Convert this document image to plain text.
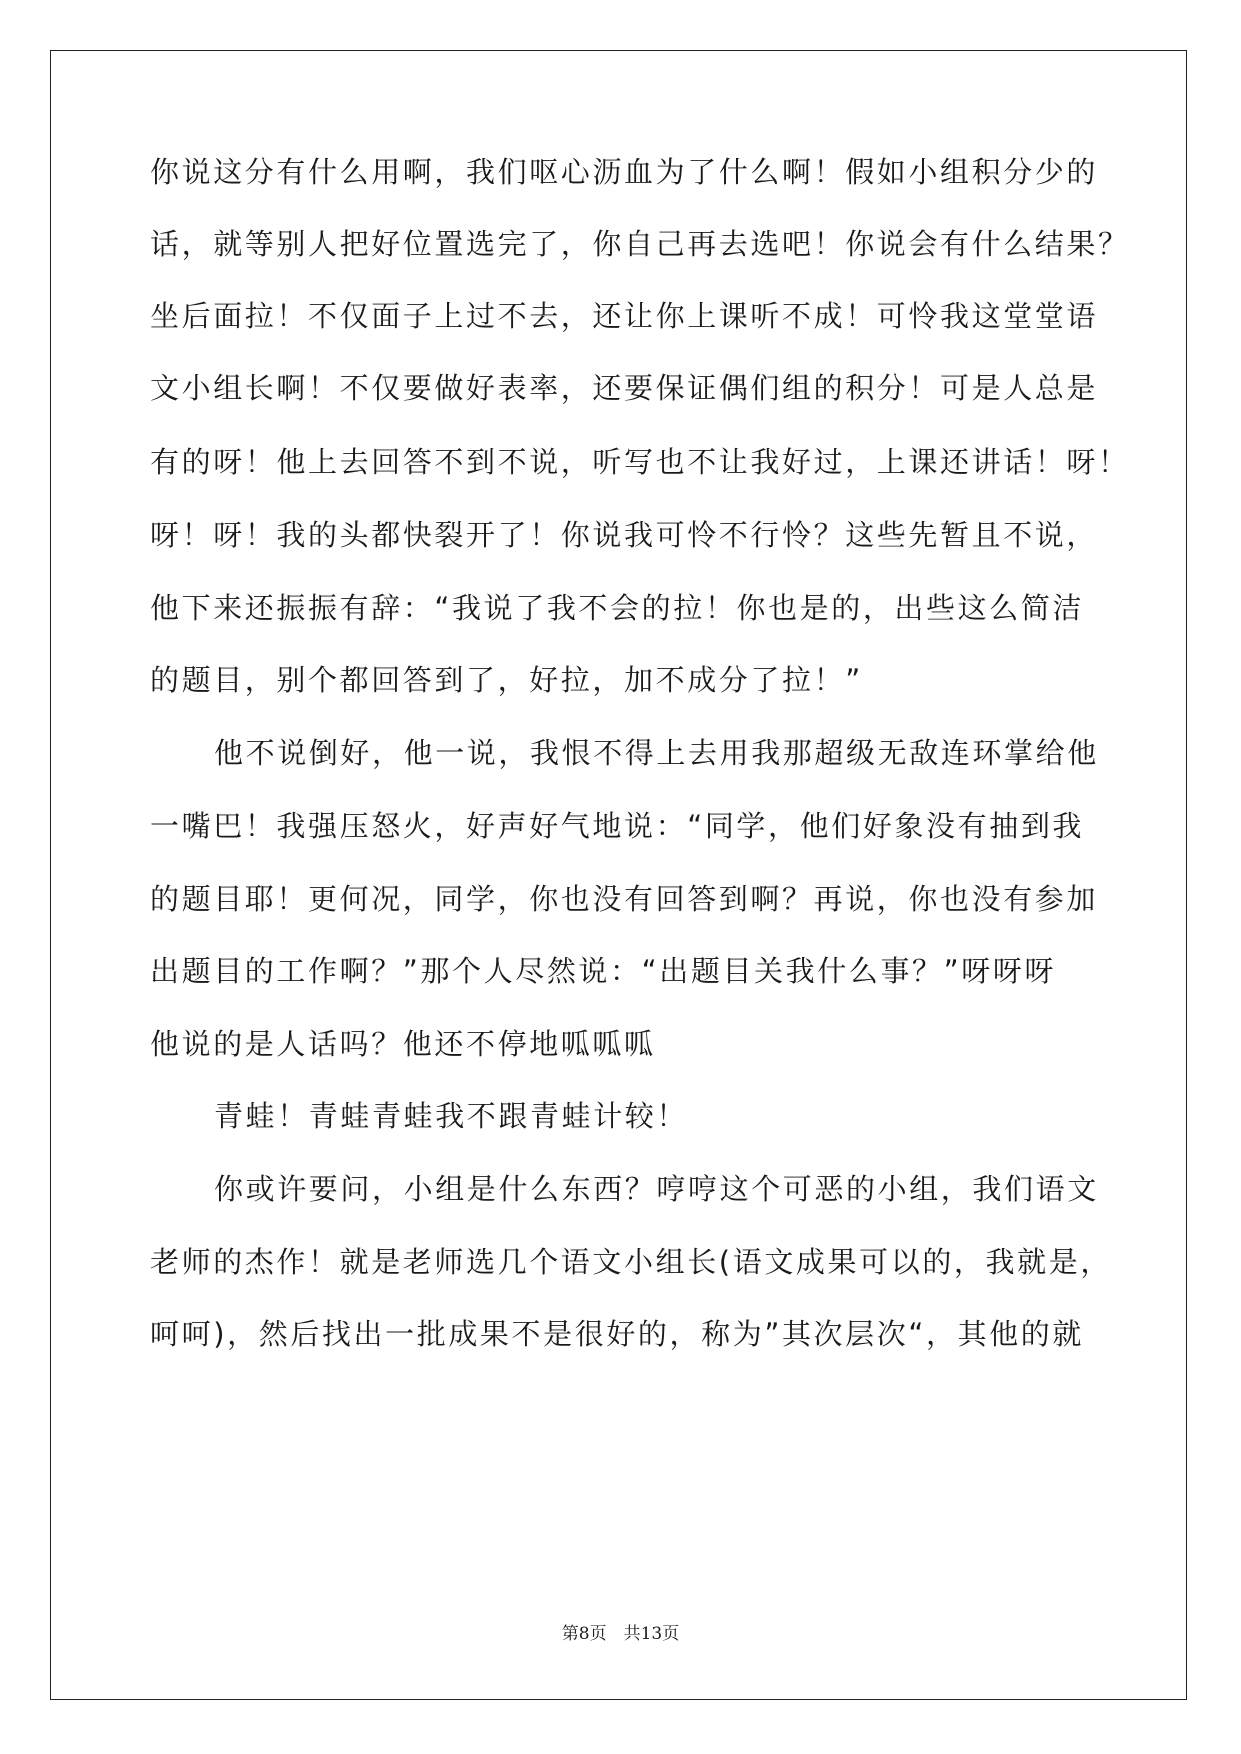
你说这分有什么用啊，我们呕心沥血为了什么啊！假如小组积分少的
话，就等别人把好位置选完了，你自己再去选吧！你说会有什么结果？
坐后面拉！不仅面子上过不去，还让你上课听不成！可怜我这堂堂语
文小组长啊！不仅要做好表率，还要保证偶们组的积分！可是人总是
有的呀！他上去回答不到不说，听写也不让我好过，上课还讲话！呀！
呀！呀！我的头都快裂开了！你说我可怜不行怜？这些先暂且不说，
他下来还振振有辞：“我说了我不会的拉！你也是的，出些这么简洁
的题目，别个都回答到了，好拉，加不成分了拉！”
他不说倒好，他一说，我恨不得上去用我那超级无敌连环掌给他
一嘴巴！我强压怒火，好声好气地说：“同学，他们好象没有抽到我
的题目耶！更何况，同学，你也没有回答到啊？再说，你也没有参加
出题目的工作啊？”那个人尽然说：“出题目关我什么事？”呀呀呀
他说的是人话吗？他还不停地呱呱呱
青蛙！青蛙青蛙我不跟青蛙计较！
你或许要问，小组是什么东西？哼哼这个可恶的小组，我们语文
老师的杰作！就是老师选几个语文小组长(语文成果可以的，我就是，
呵呵)，然后找出一批成果不是很好的，称为”其次层次“，其他的就
第8页　共13页
